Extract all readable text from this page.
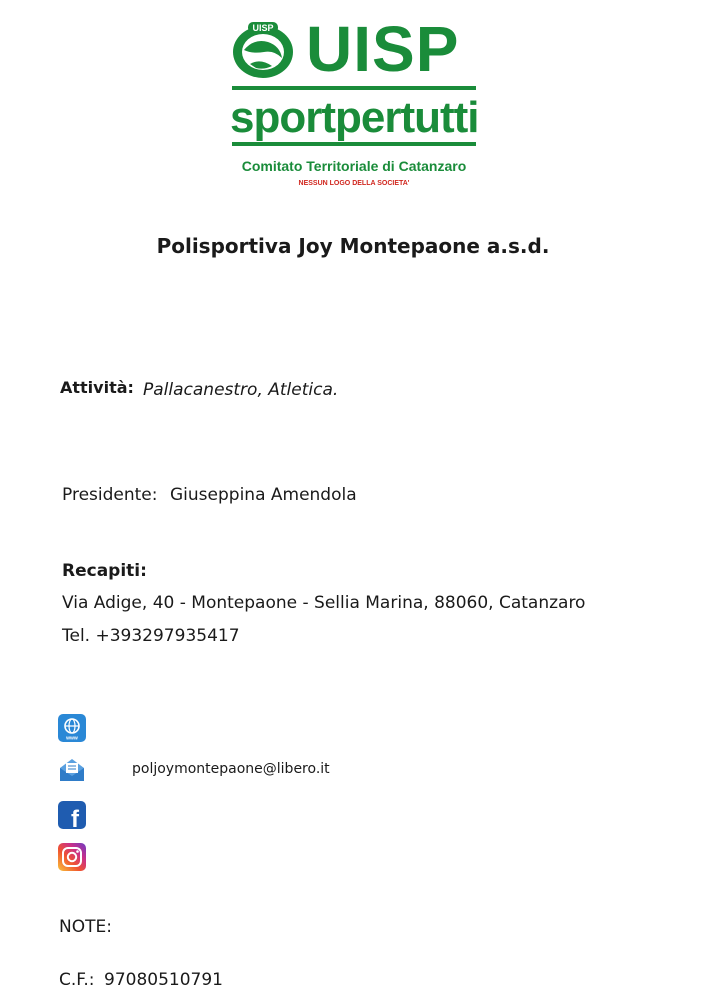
UISP UISP
sportpertutti
Comitato Territoriale di Catanzaro
NESSUN LOGO DELLA SOCIETA'
Polisportiva Joy Montepaone a.s.d.
Attività: Pallacanestro, Atletica.
Presidente: Giuseppina Amendola
Recapiti:
Via Adige, 40 - Montepaone - Sellia Marina, 88060, Catanzaro
Tel. +393297935417
www
poljoymontepaone@libero.it
f
NOTE:
C.F.: 97080510791
